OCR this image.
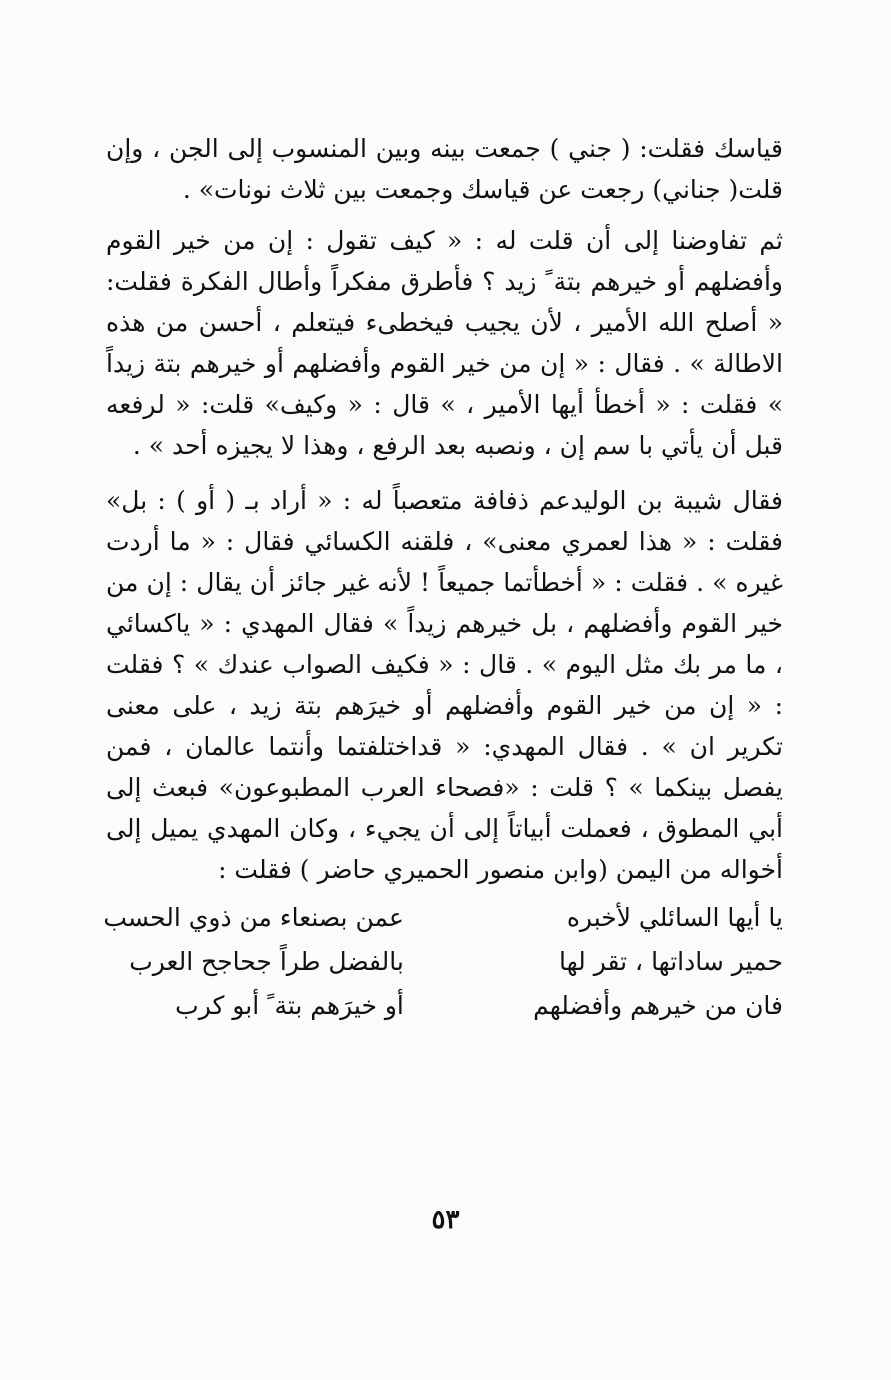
قياسك فقلت: ( جني ) جمعت بينه وبين المنسوب إلى الجن ، وإن قلت( جناني) رجعت عن قياسك وجمعت بين ثلاث نونات» .

ثم تفاوضنا إلى أن قلت له : « كيف تقول : إن من خير القوم وأفضلهم أو خيرهم بتة ً زيد ؟ فأطرق مفكراً وأطال الفكرة فقلت: « أصلح الله الأمير ، لأن يجيب فيخطىء فيتعلم ، أحسن من هذه الاطالة » . فقال : « إن من خير القوم وأفضلهم أو خيرهم بتة زيداً » فقلت : « أخطأ أيها الأمير ، » قال : « وكيف» قلت: « لرفعه قبل أن يأتي با سم إن ، ونصبه بعد الرفع ، وهذا لا يجيزه أحد » .

فقال شيبة بن الوليدعم ذفافة متعصباً له : « أراد بـ ( أو ) : بل» فقلت : « هذا لعمري معنى» ، فلقنه الكسائي فقال : « ما أردت غيره » . فقلت : « أخطأتما جميعاً ! لأنه غير جائز أن يقال : إن من خير القوم وأفضلهم ، بل خيرهم زيداً » فقال المهدي : « ياكسائي ، ما مر بك مثل اليوم » . قال : « فكيف الصواب عندك » ؟ فقلت : « إن من خير القوم وأفضلهم أو خيرَهم بتة زيد ، على معنى تكرير ان » . فقال المهدي: « قداختلفتما وأنتما عالمان ، فمن يفصل بينكما » ؟ قلت : «فصحاء العرب المطبوعون» فبعث إلى أبي المطوق ، فعملت أبياتاً إلى أن يجيء ، وكان المهدي يميل إلى أخواله من اليمن (وابن منصور الحميري حاضر ) فقلت :

يا أيها السائلي لأخبره
عمن بصنعاء من ذوي الحسب
حمير ساداتها ، تقر لها
بالفضل طراً جحاجح العرب
فان من خيرهم وأفضلهم
أو خيرَهم بتة ً أبو كرب
٥٣
